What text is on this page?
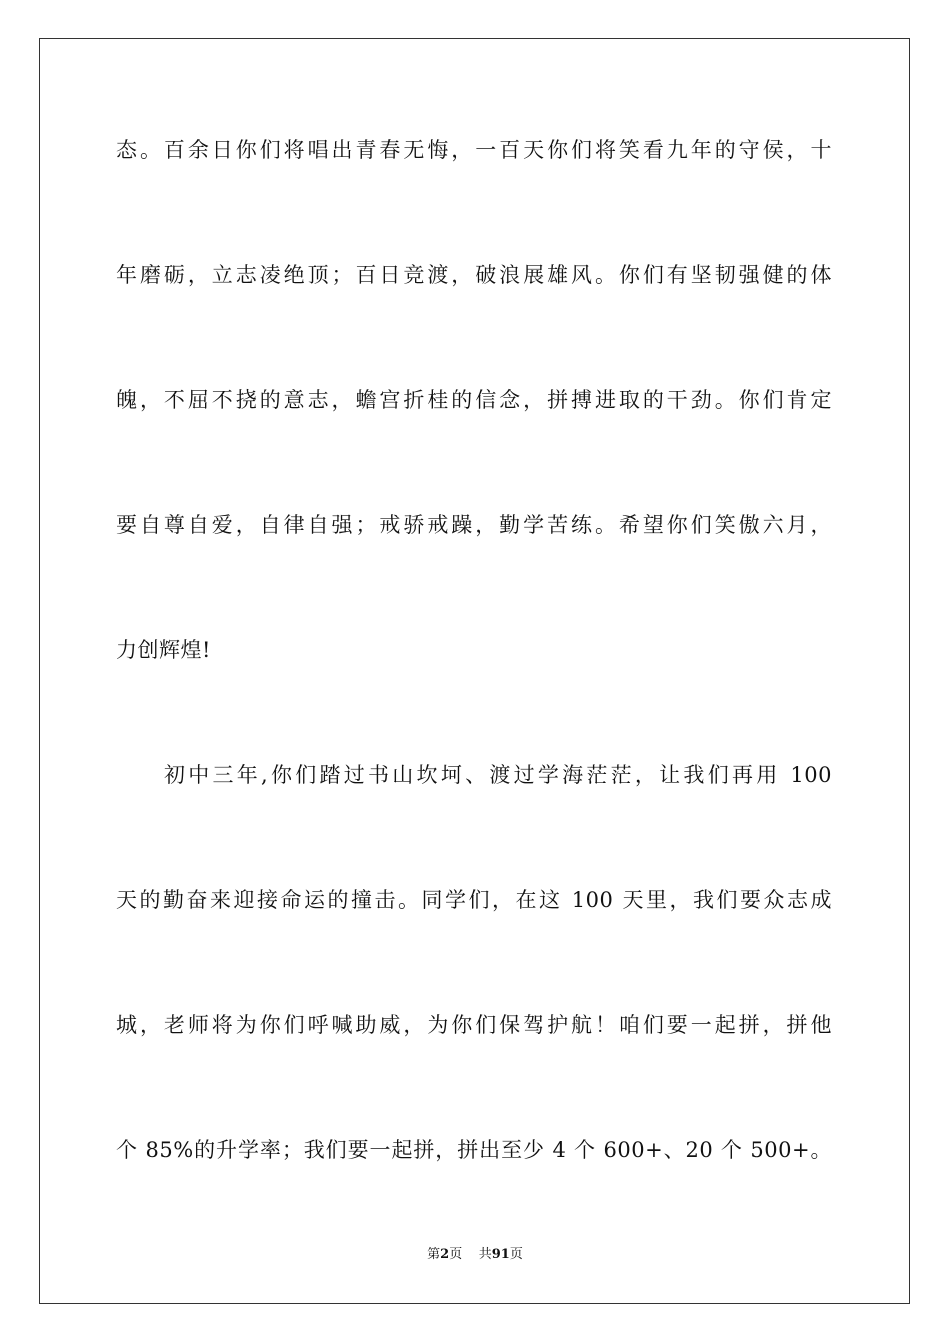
态。百余日你们将唱出青春无悔，一百天你们将笑看九年的守侯，十
年磨砺，立志凌绝顶；百日竞渡，破浪展雄风。你们有坚韧强健的体
魄，不屈不挠的意志，蟾宫折桂的信念，拼搏进取的干劲。你们肯定
要自尊自爱，自律自强；戒骄戒躁，勤学苦练。希望你们笑傲六月，
力创辉煌!
初中三年,你们踏过书山坎坷、渡过学海茫茫，让我们再用 100
天的勤奋来迎接命运的撞击。同学们，在这 100 天里，我们要众志成
城，老师将为你们呼喊助威，为你们保驾护航！咱们要一起拼，拼他
个 85%的升学率；我们要一起拼，拼出至少 4 个 600+、20 个 500+。
第2页 共91页
